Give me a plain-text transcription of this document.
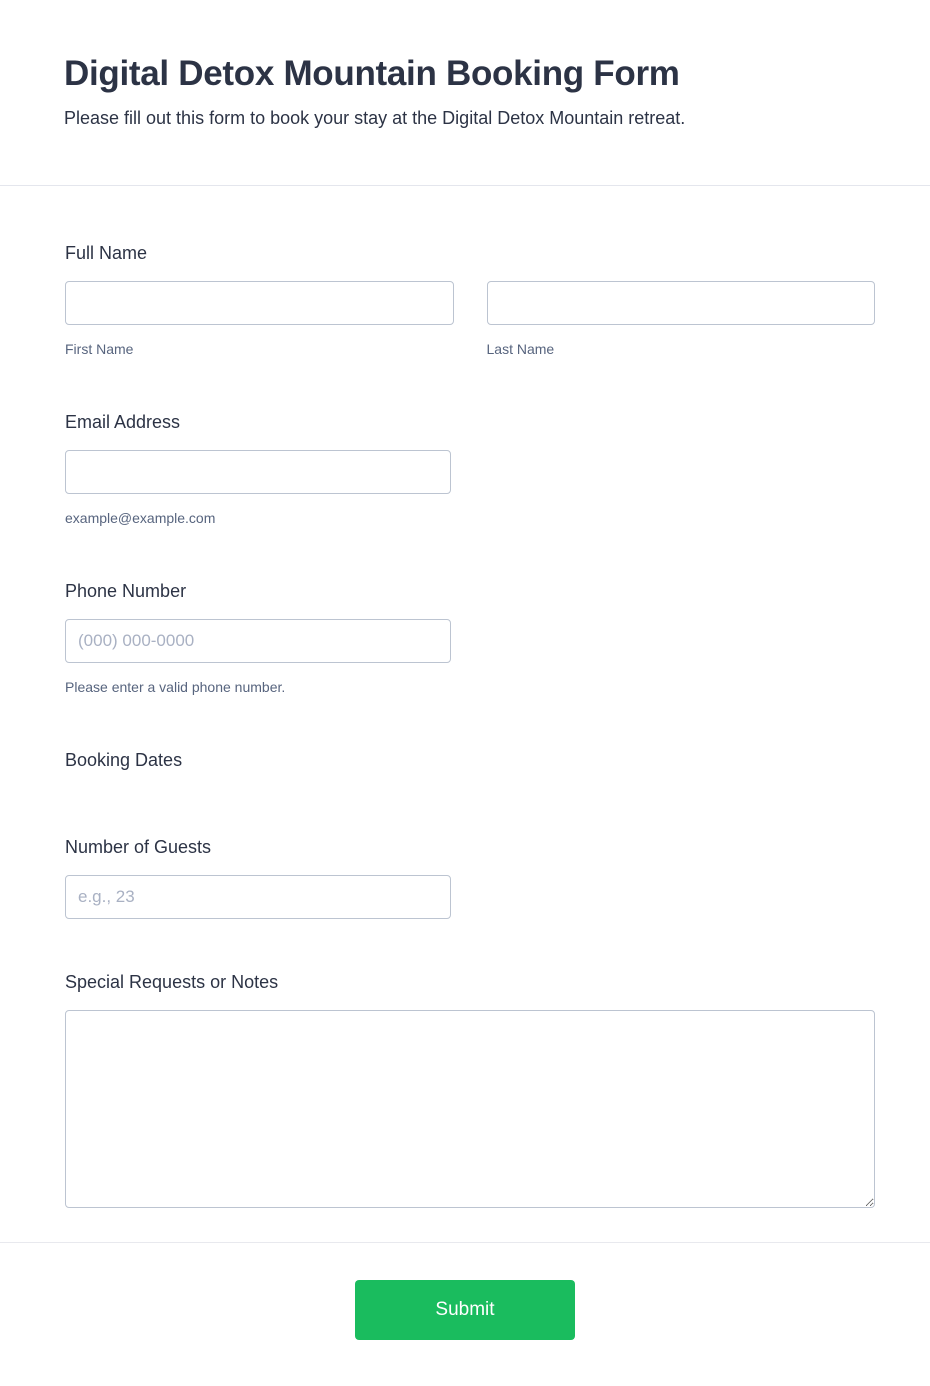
Digital Detox Mountain Booking Form

Please fill out this form to book your stay at the Digital Detox Mountain retreat.

Full Name
First Name	Last Name
Email Address
example@example.com
Phone Number
(000) 000-0000
Please enter a valid phone number.
Booking Dates
Number of Guests
e.g., 23
Special Requests or Notes
Submit
